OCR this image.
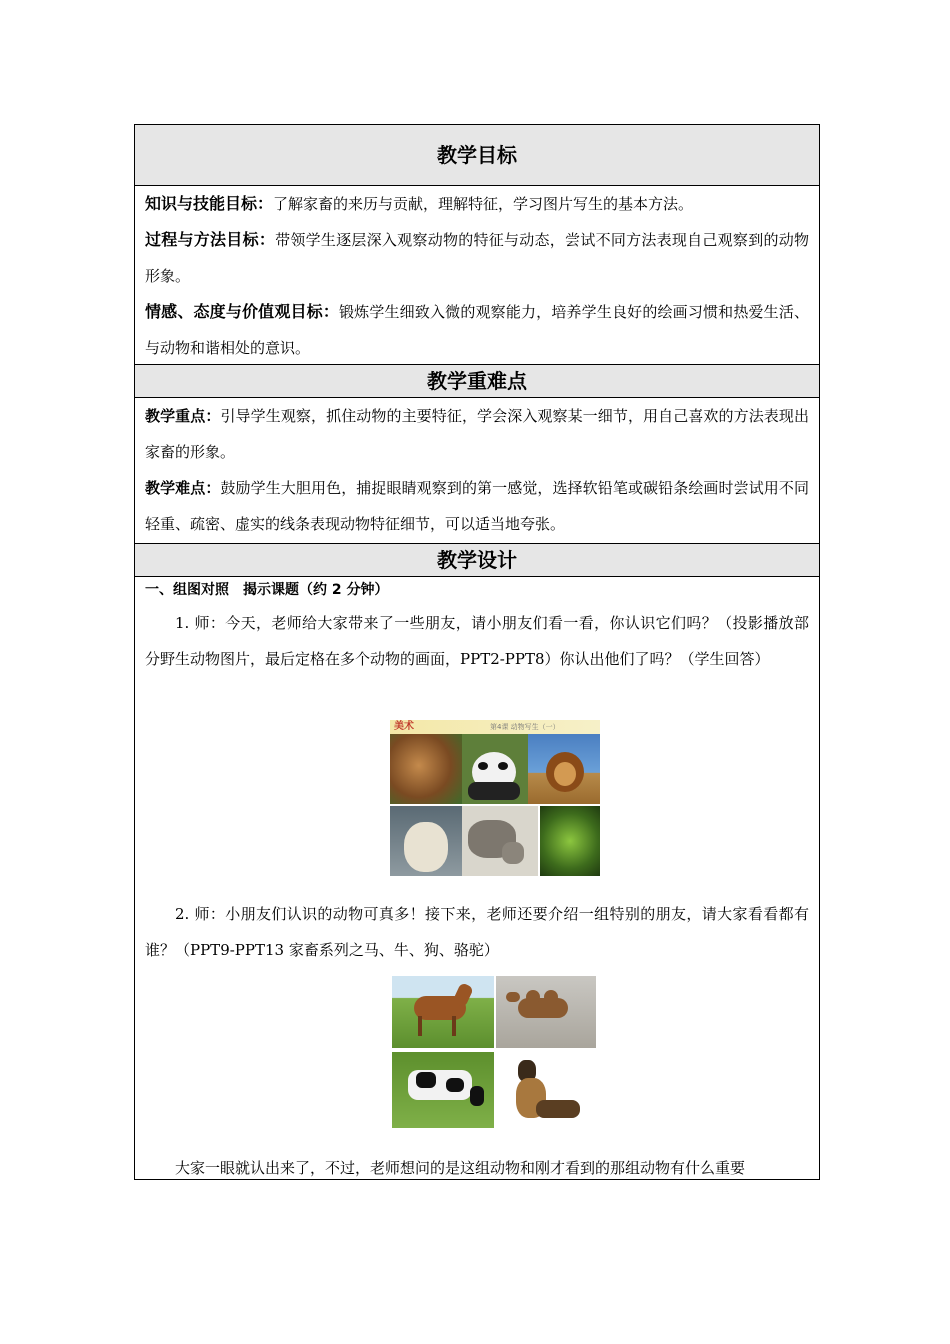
教学目标

知识与技能目标：了解家畜的来历与贡献，理解特征，学习图片写生的基本方法。

过程与方法目标：带领学生逐层深入观察动物的特征与动态，尝试不同方法表现自己观察到的动物形象。

情感、态度与价值观目标：锻炼学生细致入微的观察能力，培养学生良好的绘画习惯和热爱生活、与动物和谐相处的意识。

教学重难点

教学重点：引导学生观察，抓住动物的主要特征，学会深入观察某一细节，用自己喜欢的方法表现出家畜的形象。

教学难点：鼓励学生大胆用色，捕捉眼睛观察到的第一感觉，选择软铅笔或碳铅条绘画时尝试用不同轻重、疏密、虚实的线条表现动物特征细节，可以适当地夸张。

教学设计
一、组图对照　揭示课题（约 2 分钟）

1. 师：今天，老师给大家带来了一些朋友，请小朋友们看一看，你认识它们吗？（投影播放部分野生动物图片，最后定格在多个动物的画面，PPT2-PPT8）你认出他们了吗？（学生回答）

美术	第4课 动物写生（一）

2. 师：小朋友们认识的动物可真多！接下来，老师还要介绍一组特别的朋友，请大家看看都有谁？（PPT9-PPT13 家畜系列之马、牛、狗、骆驼）

大家一眼就认出来了，不过，老师想问的是这组动物和刚才看到的那组动物有什么重要
